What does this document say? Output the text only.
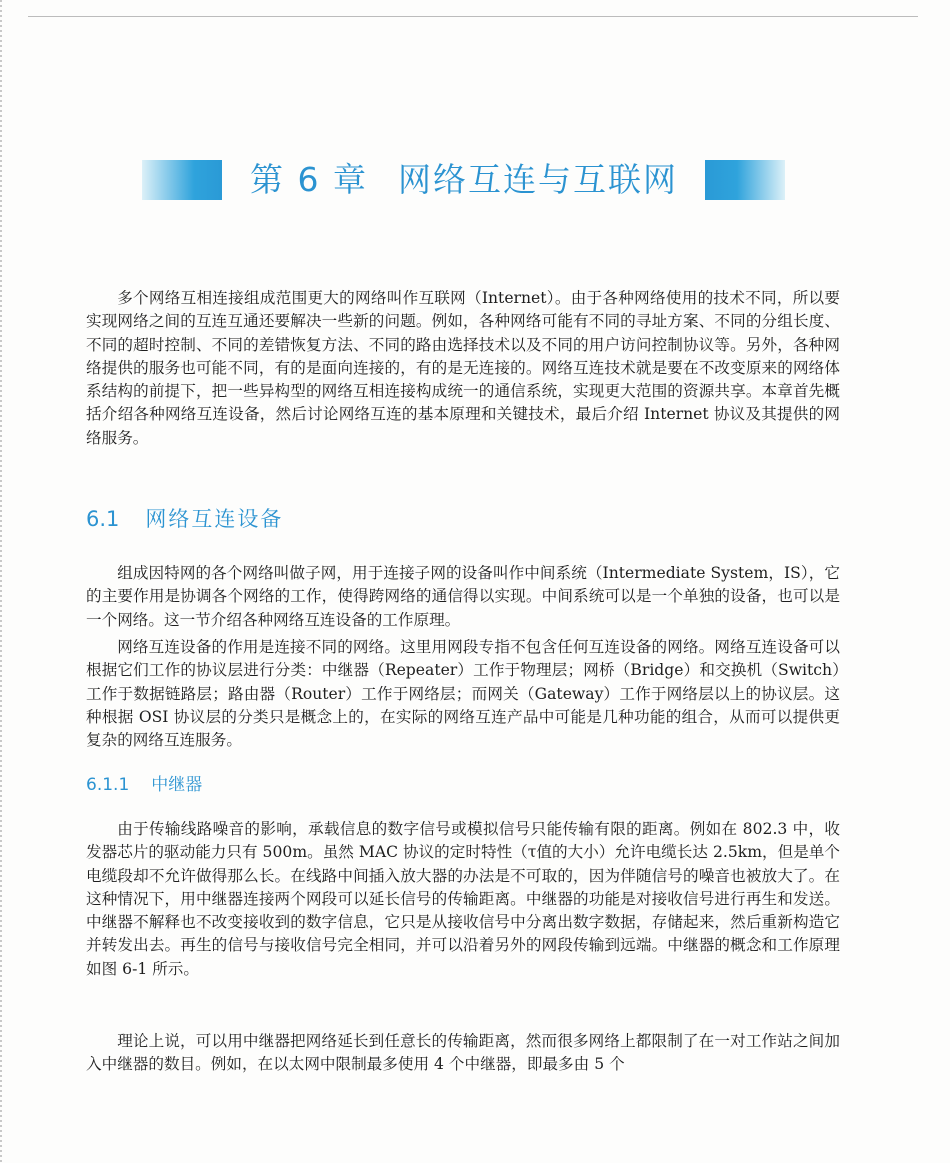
第 6 章 网络互连与互联网

多个网络互相连接组成范围更大的网络叫作互联网（Internet）。由于各种网络使用的技术不同，所以要实现网络之间的互连互通还要解决一些新的问题。例如，各种网络可能有不同的寻址方案、不同的分组长度、不同的超时控制、不同的差错恢复方法、不同的路由选择技术以及不同的用户访问控制协议等。另外，各种网络提供的服务也可能不同，有的是面向连接的，有的是无连接的。网络互连技术就是要在不改变原来的网络体系结构的前提下，把一些异构型的网络互相连接构成统一的通信系统，实现更大范围的资源共享。本章首先概括介绍各种网络互连设备，然后讨论网络互连的基本原理和关键技术，最后介绍 Internet 协议及其提供的网络服务。

6.1 网络互连设备

组成因特网的各个网络叫做子网，用于连接子网的设备叫作中间系统（Intermediate System，IS），它的主要作用是协调各个网络的工作，使得跨网络的通信得以实现。中间系统可以是一个单独的设备，也可以是一个网络。这一节介绍各种网络互连设备的工作原理。

网络互连设备的作用是连接不同的网络。这里用网段专指不包含任何互连设备的网络。网络互连设备可以根据它们工作的协议层进行分类：中继器（Repeater）工作于物理层；网桥（Bridge）和交换机（Switch）工作于数据链路层；路由器（Router）工作于网络层；而网关（Gateway）工作于网络层以上的协议层。这种根据 OSI 协议层的分类只是概念上的，在实际的网络互连产品中可能是几种功能的组合，从而可以提供更复杂的网络互连服务。

6.1.1 中继器

由于传输线路噪音的影响，承载信息的数字信号或模拟信号只能传输有限的距离。例如在 802.3 中，收发器芯片的驱动能力只有 500m。虽然 MAC 协议的定时特性（τ值的大小）允许电缆长达 2.5km，但是单个电缆段却不允许做得那么长。在线路中间插入放大器的办法是不可取的，因为伴随信号的噪音也被放大了。在这种情况下，用中继器连接两个网段可以延长信号的传输距离。中继器的功能是对接收信号进行再生和发送。中继器不解释也不改变接收到的数字信息，它只是从接收信号中分离出数字数据，存储起来，然后重新构造它并转发出去。再生的信号与接收信号完全相同，并可以沿着另外的网段传输到远端。中继器的概念和工作原理如图 6-1 所示。

理论上说，可以用中继器把网络延长到任意长的传输距离，然而很多网络上都限制了在一对工作站之间加入中继器的数目。例如，在以太网中限制最多使用 4 个中继器，即最多由 5 个
